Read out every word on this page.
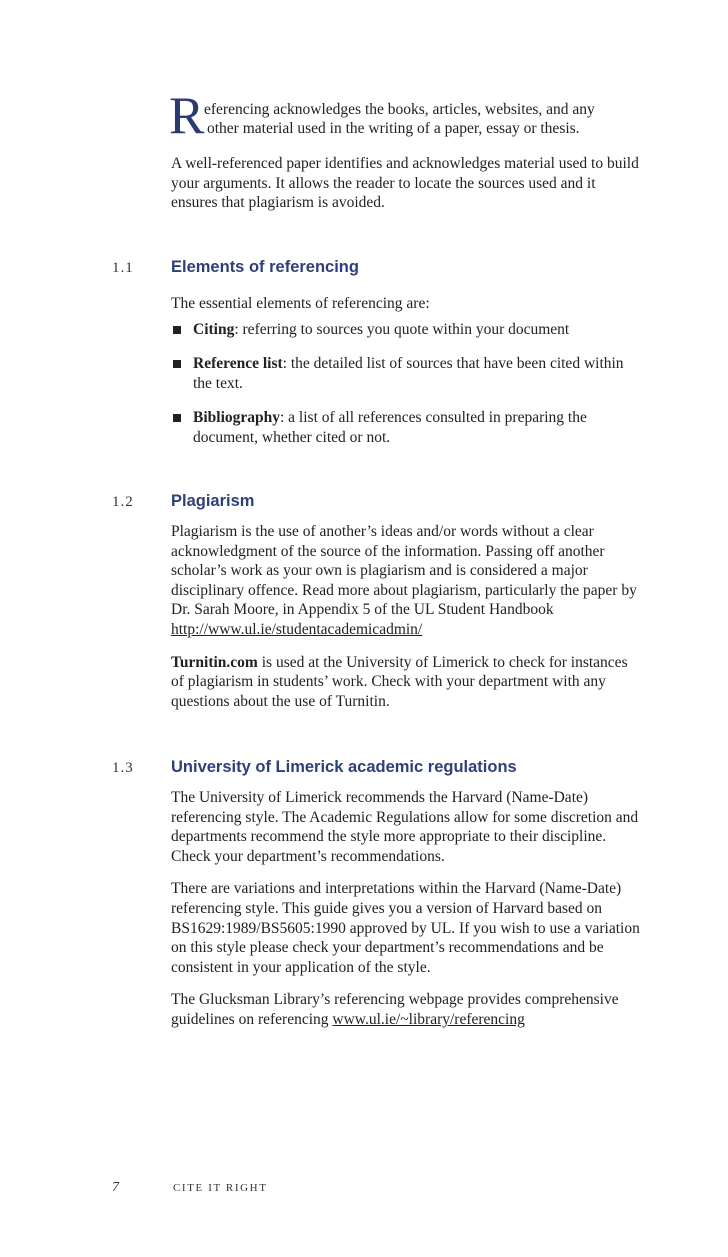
R eferencing acknowledges the books, articles, websites, and any
other material used in the writing of a paper, essay or thesis.

A well-referenced paper identifies and acknowledges material used to build your arguments. It allows the reader to locate the sources used and it ensures that plagiarism is avoided.

1.1 Elements of referencing

The essential elements of referencing are:

Citing: referring to sources you quote within your document
Reference list: the detailed list of sources that have been cited within the text.
Bibliography: a list of all references consulted in preparing the document, whether cited or not.
1.2 Plagiarism

Plagiarism is the use of another’s ideas and/or words without a clear acknowledgment of the source of the information. Passing off another scholar’s work as your own is plagiarism and is considered a major disciplinary offence. Read more about plagiarism, particularly the paper by Dr. Sarah Moore, in Appendix 5 of the UL Student Handbook http://www.ul.ie/studentacademicadmin/

Turnitin.com is used at the University of Limerick to check for instances of plagiarism in students’ work. Check with your department with any questions about the use of Turnitin.

1.3 University of Limerick academic regulations

The University of Limerick recommends the Harvard (Name-Date) referencing style. The Academic Regulations allow for some discretion and departments recommend the style more appropriate to their discipline. Check your department’s recommendations.

There are variations and interpretations within the Harvard (Name-Date) referencing style. This guide gives you a version of Harvard based on BS1629:1989/BS5605:1990 approved by UL. If you wish to use a variation on this style please check your department’s recommendations and be consistent in your application of the style.

The Glucksman Library’s referencing webpage provides comprehensive guidelines on referencing www.ul.ie/~library/referencing

7	CITE IT RIGHT
